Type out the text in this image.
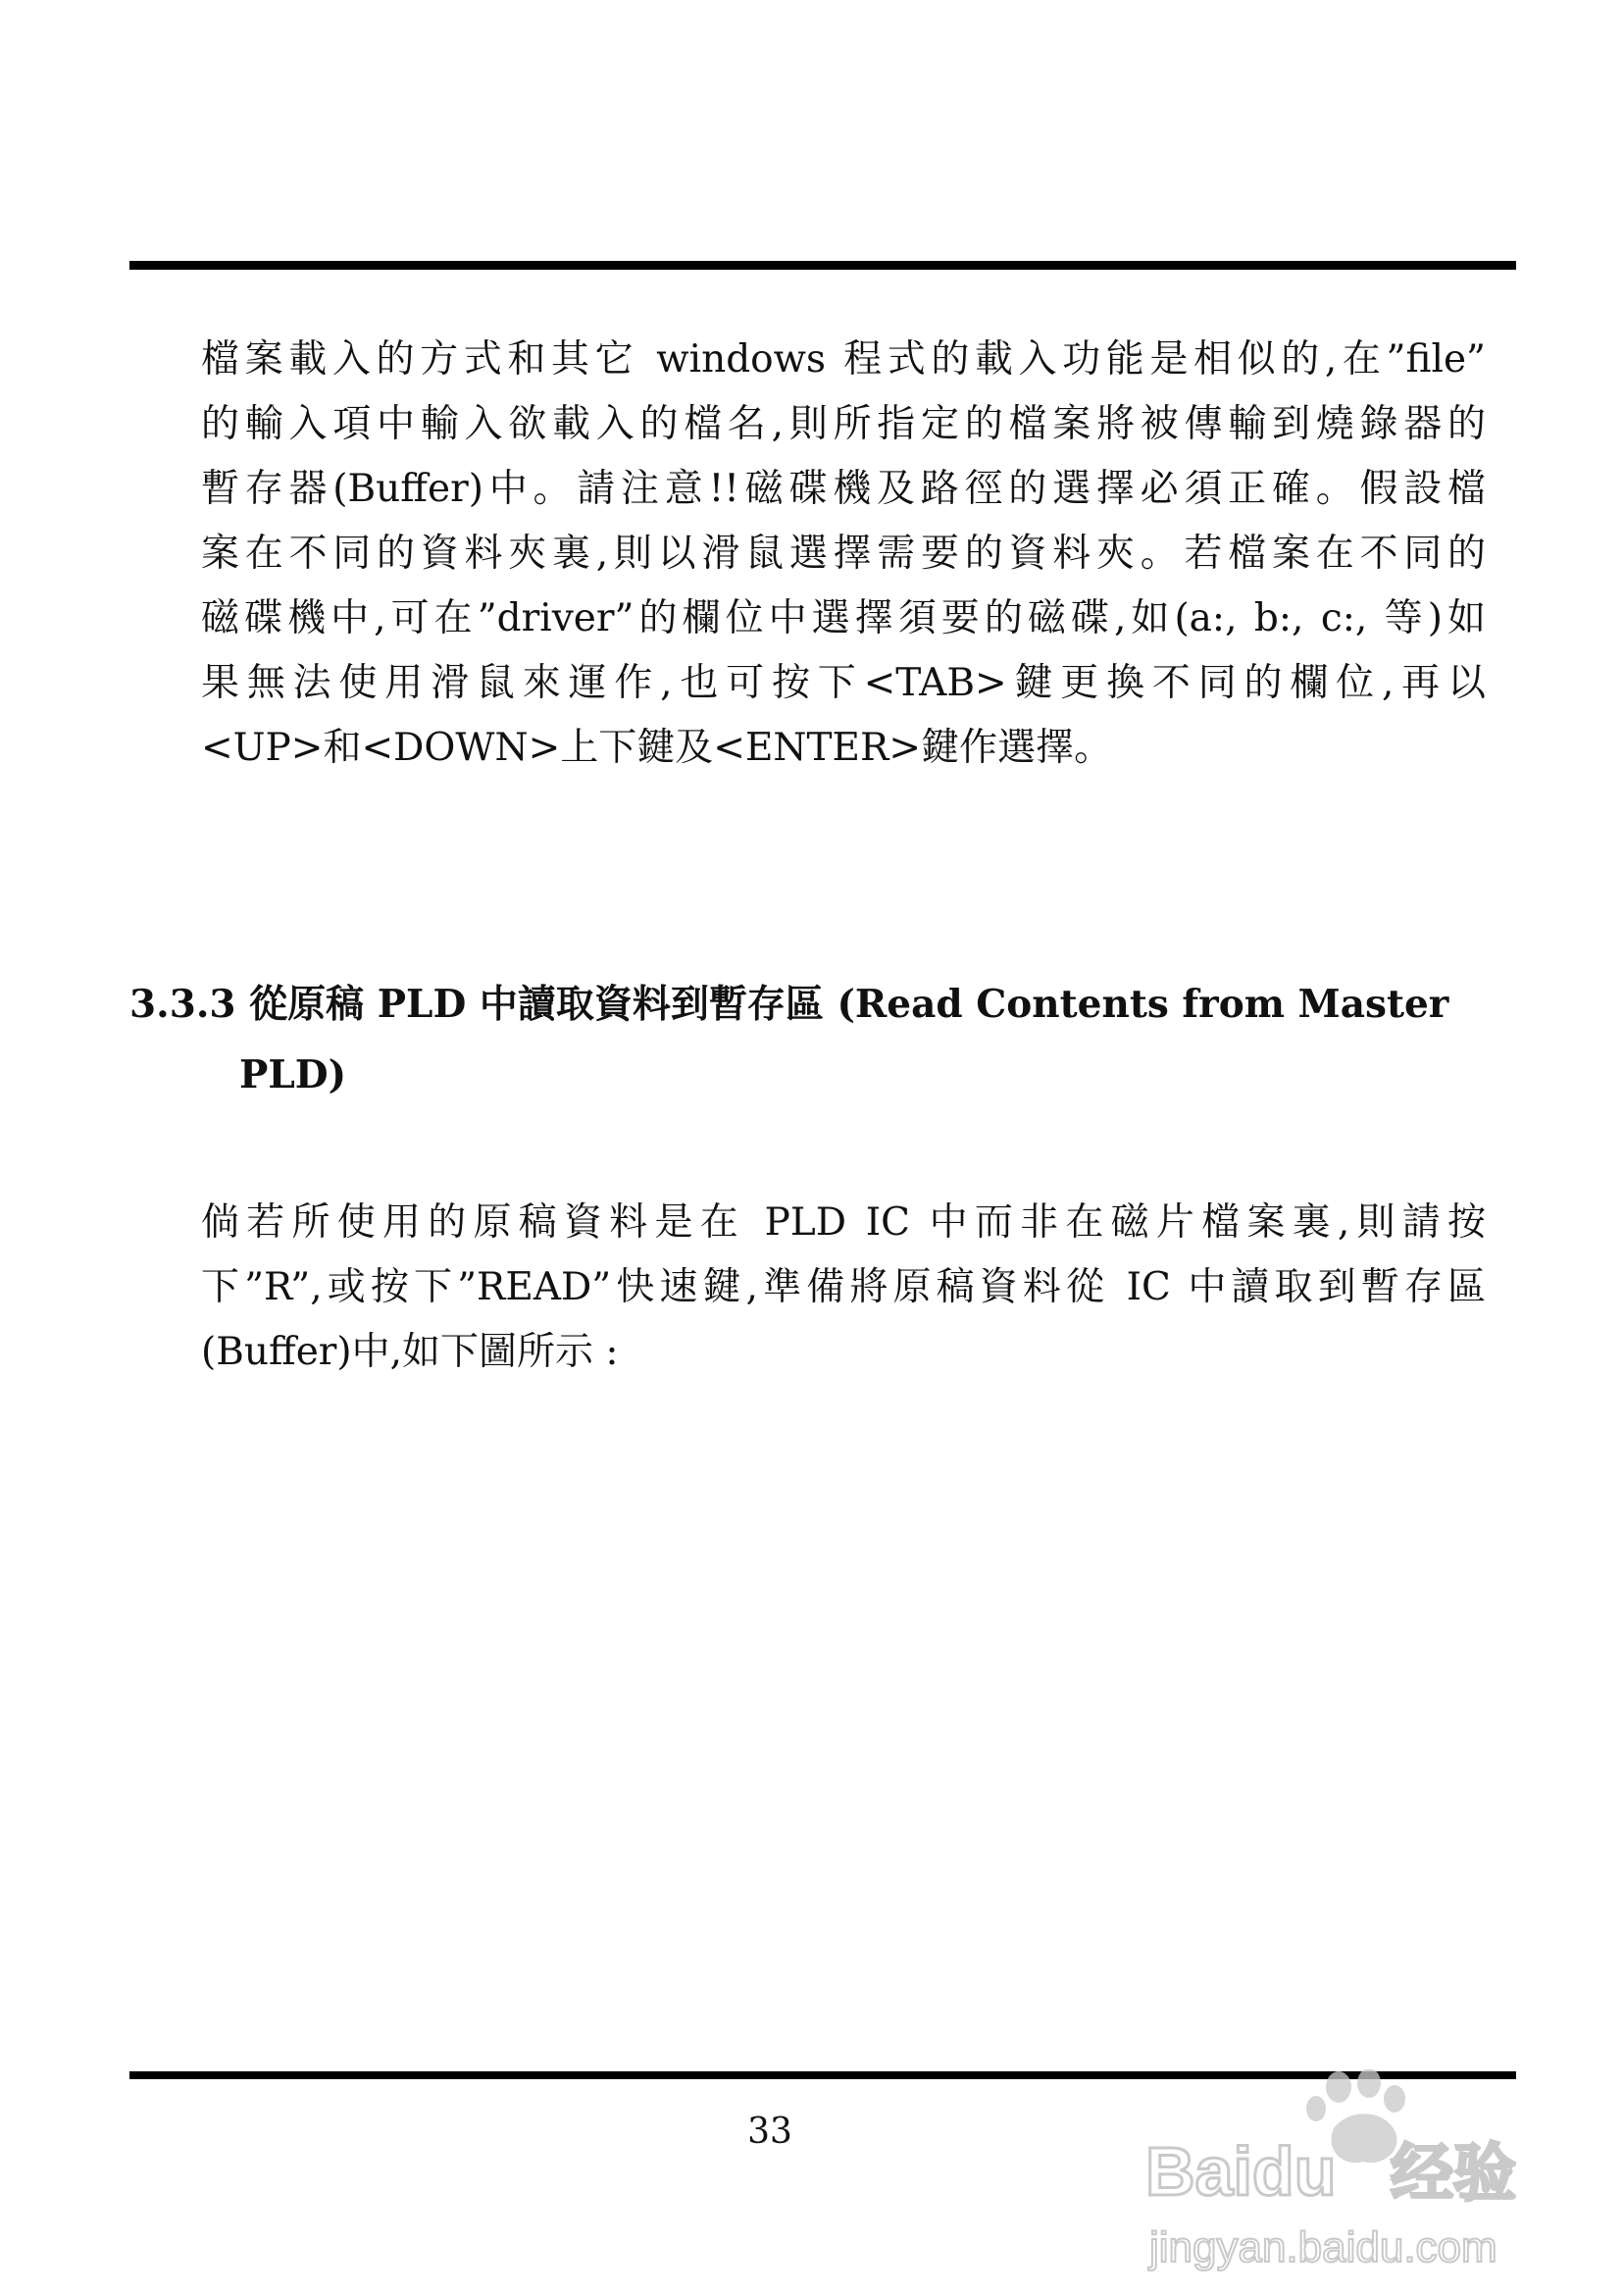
檔案載入的方式和其它 windows 程式的載入功能是相似的,在”file”
的輸入項中輸入欲載入的檔名,則所指定的檔案將被傳輸到燒錄器的
暫存器(Buffer)中。請注意!!磁碟機及路徑的選擇必須正確。假設檔
案在不同的資料夾裏,則以滑鼠選擇需要的資料夾。若檔案在不同的
磁碟機中,可在”driver”的欄位中選擇須要的磁碟,如(a:, b:, c:, 等)如
果無法使用滑鼠來運作,也可按下<TAB>鍵更換不同的欄位,再以
<UP>和<DOWN>上下鍵及<ENTER>鍵作選擇。
3.3.3 從原稿 PLD 中讀取資料到暫存區 (Read Contents from Master
PLD)
倘若所使用的原稿資料是在 PLD IC 中而非在磁片檔案裏,則請按
下”R”,或按下”READ”快速鍵,準備將原稿資料從 IC 中讀取到暫存區
(Buffer)中,如下圖所示 :
33
Baidu 经验
jingyan.baidu.com
